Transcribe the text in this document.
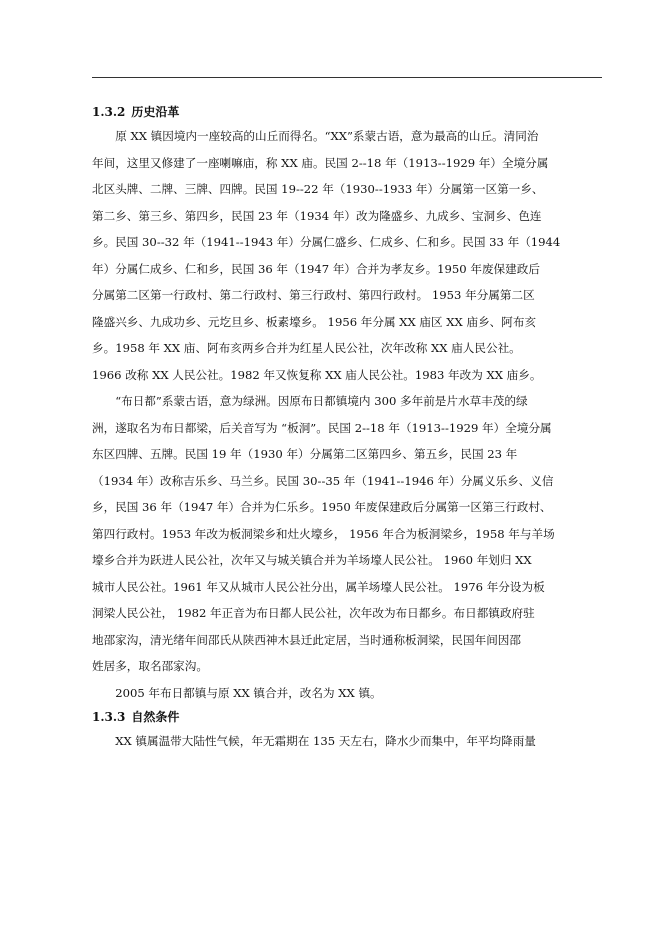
1.3.2 历史沿革
　　原 XX 镇因境内一座较高的山丘而得名。“XX”系蒙古语，意为最高的山丘。清同治
年间，这里又修建了一座喇嘛庙，称 XX 庙。民国 2--18 年（1913--1929 年）全境分属
北区头牌、二牌、三牌、四牌。民国 19--22 年（1930--1933 年）分属第一区第一乡、
第二乡、第三乡、第四乡，民国 23 年（1934 年）改为隆盛乡、九成乡、宝洞乡、色连
乡。民国 30--32 年（1941--1943 年）分属仁盛乡、仁成乡、仁和乡。民国 33 年（1944
年）分属仁成乡、仁和乡，民国 36 年（1947 年）合并为孝友乡。1950 年废保建政后
分属第二区第一行政村、第二行政村、第三行政村、第四行政村。 1953 年分属第二区
隆盛兴乡、九成功乡、元圪旦乡、板素壕乡。 1956 年分属 XX 庙区 XX 庙乡、阿布亥
乡。1958 年 XX 庙、阿布亥两乡合并为红星人民公社，次年改称 XX 庙人民公社。
1966 改称 XX 人民公社。1982 年又恢复称 XX 庙人民公社。1983 年改为 XX 庙乡。
　　“布日都”系蒙古语，意为绿洲。因原布日都镇境内 300 多年前是片水草丰茂的绿
洲，遂取名为布日都梁，后关音写为 “板洞”。民国 2--18 年（1913--1929 年）全境分属
东区四牌、五牌。民国 19 年（1930 年）分属第二区第四乡、第五乡，民国 23 年
（1934 年）改称吉乐乡、马兰乡。民国 30--35 年（1941--1946 年）分属义乐乡、义信
乡，民国 36 年（1947 年）合并为仁乐乡。1950 年废保建政后分属第一区第三行政村、
第四行政村。1953 年改为板洞梁乡和灶火壕乡， 1956 年合为板洞梁乡，1958 年与羊场
壕乡合并为跃进人民公社，次年又与城关镇合并为羊场壕人民公社。 1960 年划归 XX
城市人民公社。1961 年又从城市人民公社分出，属羊场壕人民公社。 1976 年分设为板
洞梁人民公社， 1982 年正音为布日都人民公社，次年改为布日都乡。布日都镇政府驻
地邵家沟，清光绪年间邵氏从陕西神木县迁此定居，当时通称板洞梁，民国年间因邵
姓居多，取名邵家沟。
　　2005 年布日都镇与原 XX 镇合并，改名为 XX 镇。
1.3.3 自然条件
　　XX 镇属温带大陆性气候，年无霜期在 135 天左右，降水少而集中，年平均降雨量
